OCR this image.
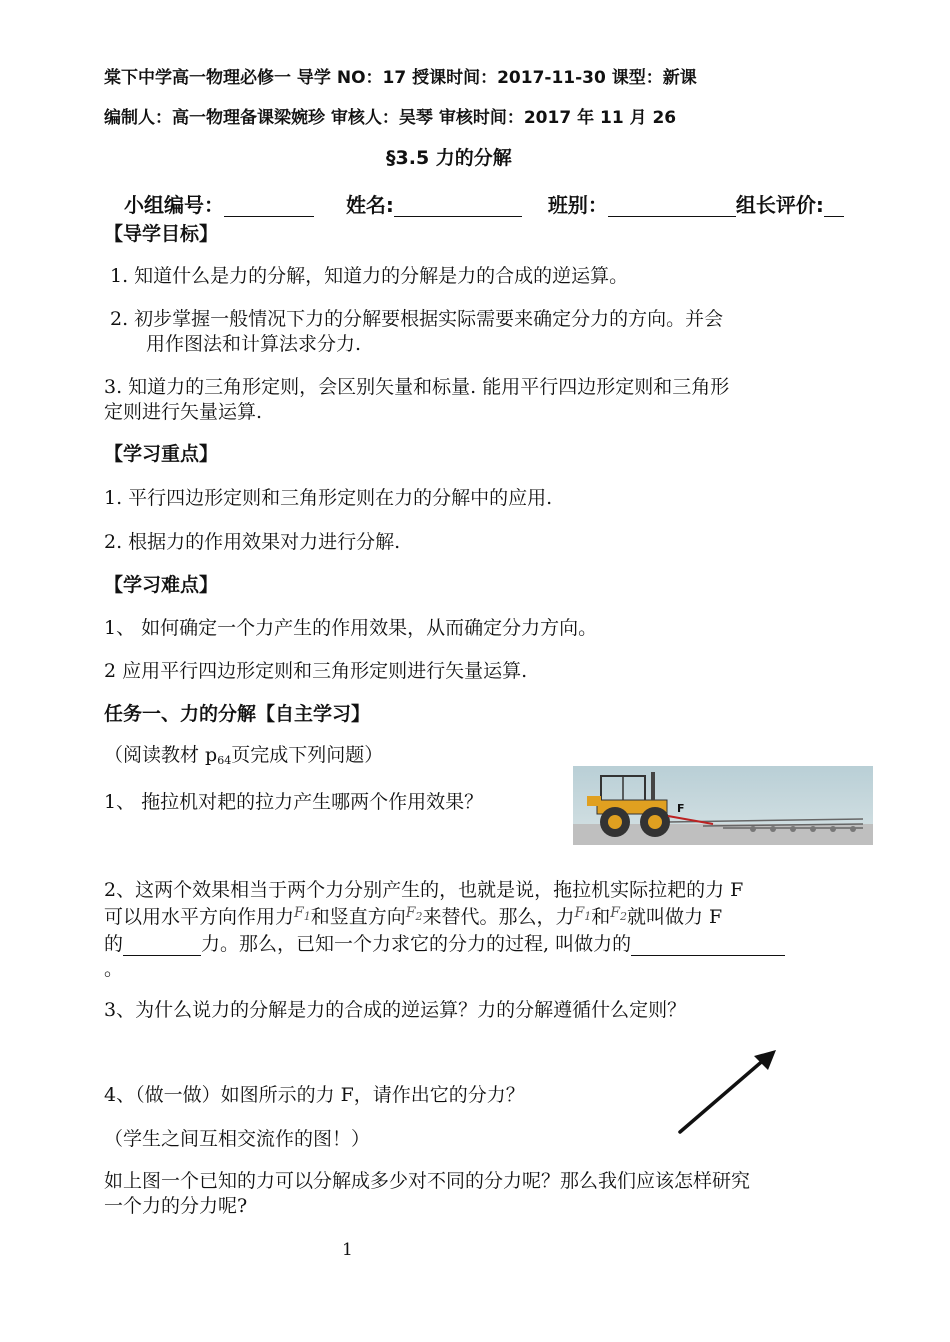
棠下中学高一物理必修一 导学 NO：17 授课时间：2017-11-30 课型：新课
编制人：高一物理备课梁婉珍 审核人：吴琴 审核时间：2017 年 11 月 26
§3.5 力的分解
小组编号：	姓名:	班别：	组长评价:
【导学目标】
1. 知道什么是力的分解，知道力的分解是力的合成的逆运算。
2. 初步掌握一般情况下力的分解要根据实际需要来确定分力的方向。并会
用作图法和计算法求分力.
3. 知道力的三角形定则，会区别矢量和标量. 能用平行四边形定则和三角形
定则进行矢量运算.
【学习重点】
1. 平行四边形定则和三角形定则在力的分解中的应用.
2. 根据力的作用效果对力进行分解.
【学习难点】
1、 如何确定一个力产生的作用效果，从而确定分力方向。
2 应用平行四边形定则和三角形定则进行矢量运算.
任务一、力的分解【自主学习】
（阅读教材 $p_{64}$页完成下列问题）
1、 拖拉机对耙的拉力产生哪两个作用效果？	F
2、这两个效果相当于两个力分别产生的，也就是说，拖拉机实际拉耙的力 F
可以用水平方向作用力$^{F_1}$和竖直方向$^{F_2}$来替代。那么，力$^{F_1}$和$^{F_2}$就叫做力 F
的	力。那么，已知一个力求它的分力的过程, 叫做力的
。
3、为什么说力的分解是力的合成的逆运算？力的分解遵循什么定则？
4、（做一做）如图所示的力 F，请作出它的分力？
（学生之间互相交流作的图！）
如上图一个已知的力可以分解成多少对不同的分力呢？那么我们应该怎样研究
一个力的分力呢?
1
